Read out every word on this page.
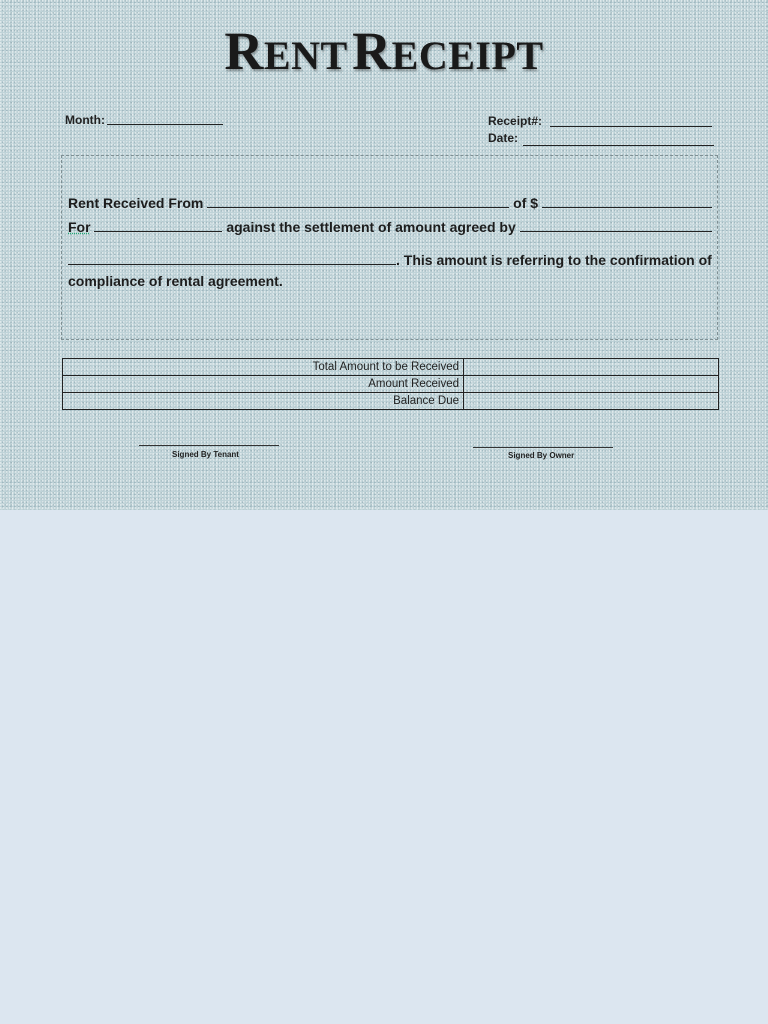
RENT RECEIPT
Month:	Receipt#:
Date:
Rent Received From	of $
For	against the settlement of amount agreed by
. This amount is referring to the confirmation of
compliance of rental agreement.
Total Amount to be Received	
Amount Received	
Balance Due	
Signed By Tenant	Signed By Owner
